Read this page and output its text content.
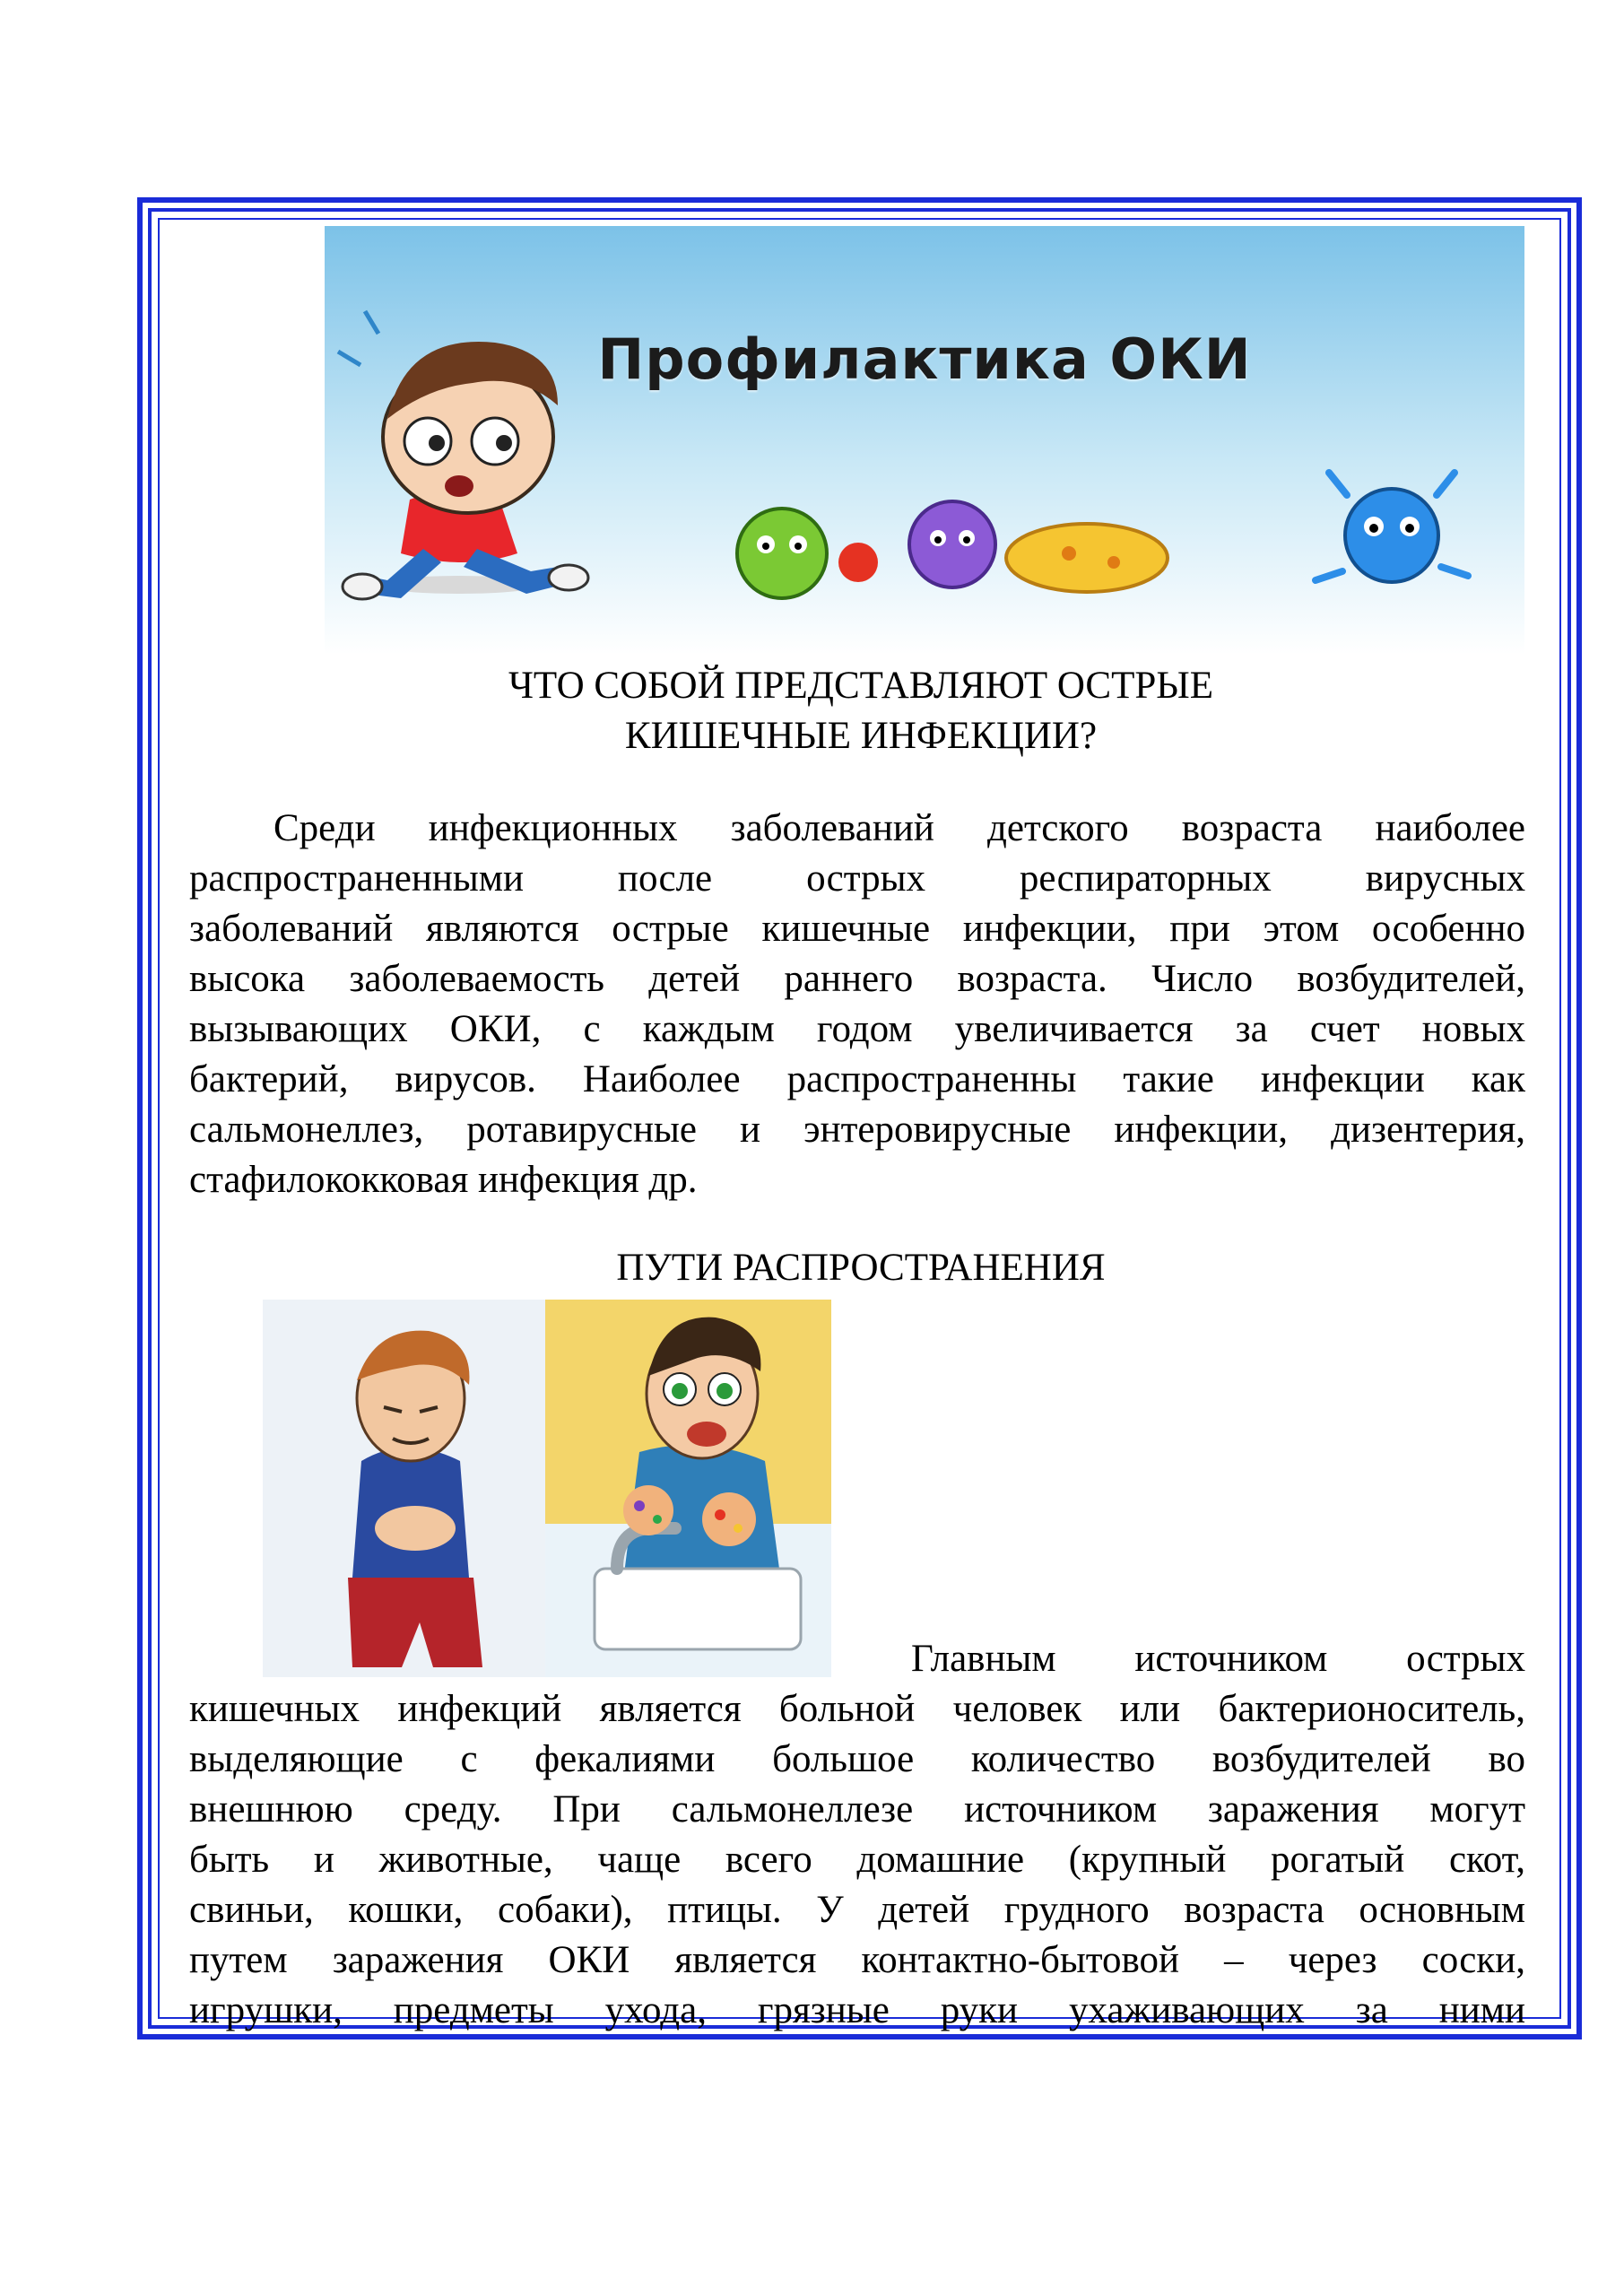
Профилактика ОКИ
ЧТО СОБОЙ ПРЕДСТАВЛЯЮТ ОСТРЫЕ
КИШЕЧНЫЕ ИНФЕКЦИИ?
Среди инфекционных заболеваний детского возраста наиболее
распространенными после острых респираторных вирусных
заболеваний являются острые кишечные инфекции, при этом особенно
высока заболеваемость детей раннего возраста. Число возбудителей,
вызывающих ОКИ, с каждым годом увеличивается за счет новых
бактерий, вирусов. Наиболее распространенны такие инфекции как
сальмонеллез, ротавирусные и энтеровирусные инфекции, дизентерия,
стафилококковая инфекция др.
ПУТИ РАСПРОСТРАНЕНИЯ
Главным источником острых
кишечных инфекций является больной человек или бактерионоситель,
выделяющие с фекалиями большое количество возбудителей во
внешнюю среду. При сальмонеллезе источником заражения могут
быть и животные, чаще всего домашние (крупный рогатый скот,
свиньи, кошки, собаки), птицы. У детей грудного возраста основным
путем заражения ОКИ является контактно-бытовой – через соски,
игрушки, предметы ухода, грязные руки ухаживающих за ними
